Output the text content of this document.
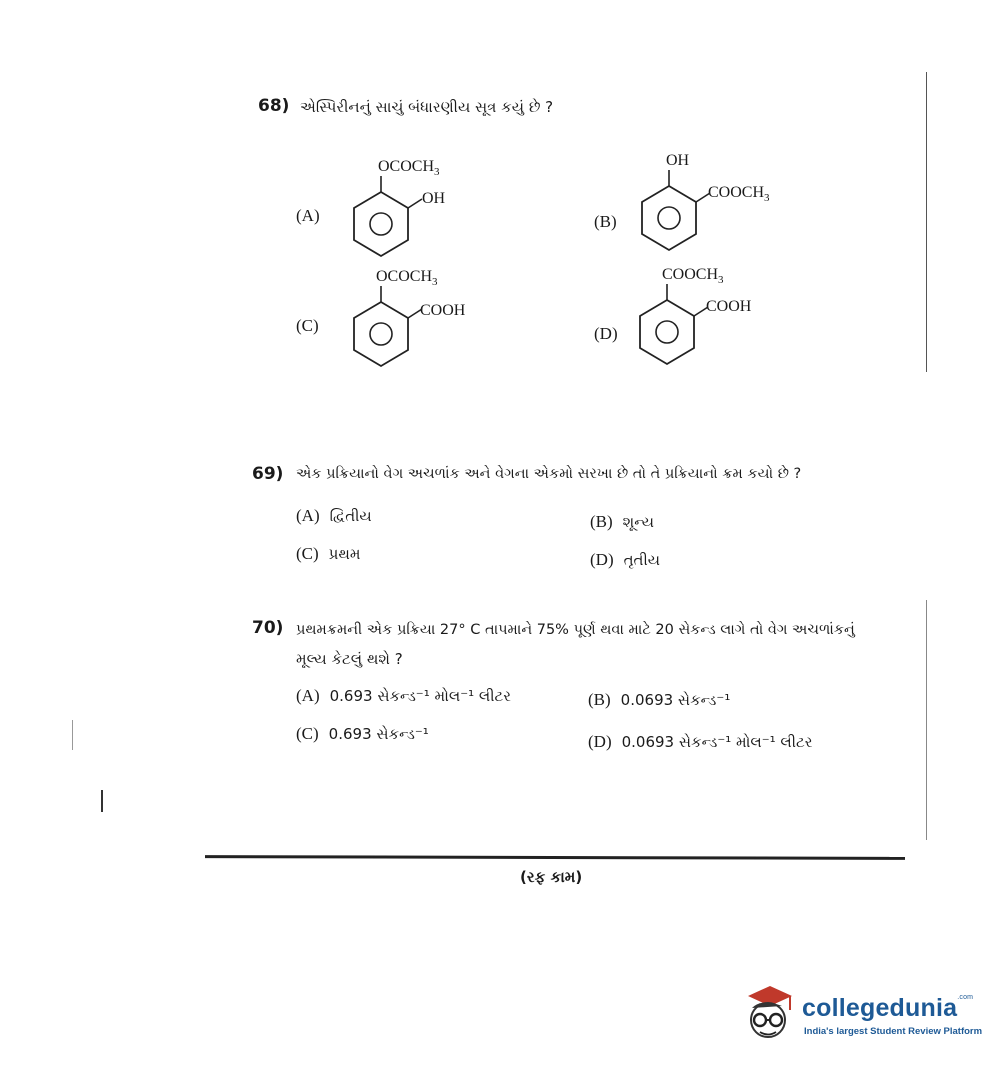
68) એસ્પિરીનનું સાચું બંધારણીય સૂત્ર કયું છે ?
(A)
$OCOCH_3$
OH
(B)
OH
$COOCH_3$
(C)
$OCOCH_3$
COOH
(D)
$COOCH_3$
COOH
69) એક પ્રક્રિયાનો વેગ અચળાંક અને વેગના એકમો સરખા છે તો તે પ્રક્રિયાનો ક્રમ કયો છે ?
(A) દ્વિતીય	(B) શૂન્ય
(C) પ્રથમ	(D) તૃતીય
70) પ્રથમક્રમની એક પ્રક્રિયા 27° C તાપમાને 75% પૂર્ણ થવા માટે 20 સેકન્ડ લાગે તો વેગ અચળાંકનું
મૂલ્ય કેટલું થશે ?
(A) 0.693 સેકન્ડ⁻¹ મોલ⁻¹ લીટર	(B) 0.0693 સેકન્ડ⁻¹
(C) 0.693 સેકન્ડ⁻¹	(D) 0.0693 સેકન્ડ⁻¹ મોલ⁻¹ લીટર
(રફ કામ)
collegedunia$^{.com}$
India's largest Student Review Platform
